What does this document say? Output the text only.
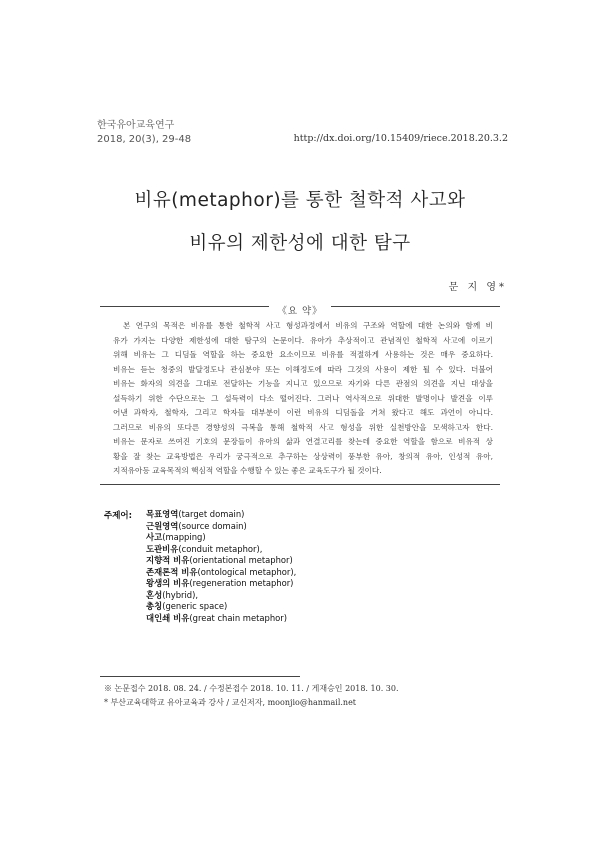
한국유아교육연구
2018, 20(3), 29-48	http://dx.doi.org/10.15409/riece.2018.20.3.2
비유(metaphor)를 통한 철학적 사고와
비유의 제한성에 대한 탐구
문 지 영*
《요 약》
본 연구의 목적은 비유를 통한 철학적 사고 형성과정에서 비유의 구조와 역할에 대한 논의와 함께 비
유가 가지는 다양한 제한성에 대한 탐구의 논문이다. 유아가 추상적이고 관념적인 철학적 사고에 이르기
위해 비유는 그 디딤돌 역할을 하는 중요한 요소이므로 비유를 적절하게 사용하는 것은 매우 중요하다.
비유는 듣는 청중의 발달정도나 관심분야 또는 이해정도에 따라 그것의 사용이 제한 될 수 있다. 더불어
비유는 화자의 의견을 그대로 전달하는 기능을 지니고 있으므로 자기와 다른 관점의 의견을 지닌 대상을
설득하기 위한 수단으로는 그 설득력이 다소 떨어진다. 그러나 역사적으로 위대한 발명이나 발견을 이루
어낸 과학자, 철학자, 그리고 학자들 대부분이 이런 비유의 디딤돌을 거쳐 왔다고 해도 과언이 아니다.
그러므로 비유의 또다른 경향성의 극복을 통해 철학적 사고 형성을 위한 실천방안을 모색하고자 한다.
비유는 문자로 쓰여진 기호의 문장들이 유아의 삶과 연결고리를 찾는데 중요한 역할을 함으로 비유적 상
황을 잘 찾는 교육방법은 우리가 궁극적으로 추구하는 상상력이 풍부한 유아, 창의적 유아, 인성적 유아,
지적유아등 교육목적의 핵심적 역할을 수행할 수 있는 좋은 교육도구가 될 것이다.
주제어: 목표영역(target domain)
근원영역(source domain)
사고(mapping)
도관비유(conduit metaphor),
지향적 비유(orientational metaphor)
존재론적 비유(ontological metaphor),
왕생의 비유(regeneration metaphor)
혼성(hybrid),
총칭(generic space)
대인쇄 비유(great chain metaphor)
※ 논문접수 2018. 08. 24. / 수정본접수 2018. 10. 11. / 게재승인 2018. 10. 30.
* 부산교육대학교 유아교육과 강사 / 교신저자, moonjio@hanmail.net
